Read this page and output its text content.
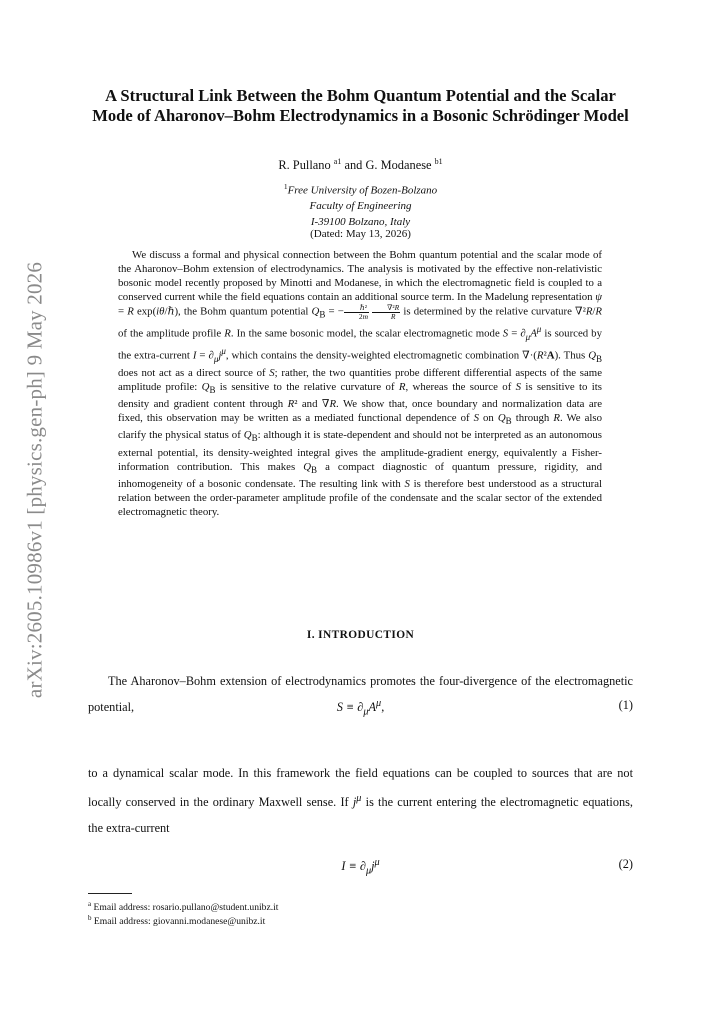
arXiv:2605.10986v1 [physics.gen-ph] 9 May 2026
A Structural Link Between the Bohm Quantum Potential and the Scalar Mode of Aharonov–Bohm Electrodynamics in a Bosonic Schrödinger Model
R. Pullano $^{a1}$ and G. Modanese $^{b1}$
$^1$Free University of Bozen-Bolzano
Faculty of Engineering
I-39100 Bolzano, Italy
(Dated: May 13, 2026)
We discuss a formal and physical connection between the Bohm quantum potential and the scalar mode of the Aharonov–Bohm extension of electrodynamics. The analysis is motivated by the effective non-relativistic bosonic model recently proposed by Minotti and Modanese, in which the electromagnetic field is coupled to a conserved current while the field equations contain an additional source term. In the Madelung representation ψ = R exp(iθ/ℏ), the Bohm quantum potential $Q_B$ = − $\frac{\text{ℏ²}}{2m}$
$\frac{\text{∇²R}}{R}$ is determined by the relative curvature ∇²R/R of the amplitude profile R. In the same bosonic model, the scalar electromagnetic mode $S = \partial_\mu A^\mu$ is sourced by the extra-current $I = \partial_\mu j^\mu$, which contains the density-weighted electromagnetic combination ∇·(R²A). Thus $Q_B$ does not act as a direct source of S; rather, the two quantities probe different differential aspects of the same amplitude profile: $Q_B$ is sensitive to the relative curvature of R, whereas the source of S is sensitive to its density and gradient content through R² and ∇R. We show that, once boundary and normalization data are fixed, this observation may be written as a mediated functional dependence of S on $Q_B$ through R. We also clarify the physical status of $Q_B$: although it is state-dependent and should not be interpreted as an autonomous external potential, its density-weighted integral gives the amplitude-gradient energy, equivalently a Fisher-information contribution. This makes $Q_B$ a compact diagnostic of quantum pressure, rigidity, and inhomogeneity of a bosonic condensate. The resulting link with S is therefore best understood as a structural relation between the order-parameter amplitude profile of the condensate and the scalar sector of the extended electromagnetic theory.
I. INTRODUCTION
The Aharonov–Bohm extension of electrodynamics promotes the four-divergence of the electromagnetic potential,	$S \equiv \partial_\mu A^\mu$,	(1)
to a dynamical scalar mode. In this framework the field equations can be coupled to sources that are not locally conserved in the ordinary Maxwell sense. If $j^\mu$ is the current entering the electromagnetic equations, the extra-current
$I \equiv \partial_\mu j^\mu$	(2)
$^a$ Email address: rosario.pullano@student.unibz.it
$^b$ Email address: giovanni.modanese@unibz.it
